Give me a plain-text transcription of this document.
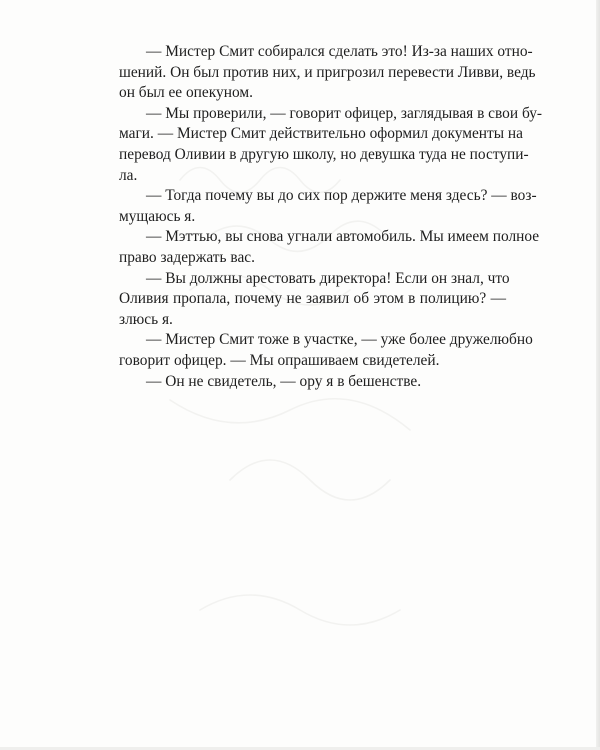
— Мистер Смит собирался сделать это! Из-за наших отно-
шений. Он был против них, и пригрозил перевести Ливви, ведь
он был ее опекуном.
— Мы проверили, — говорит офицер, заглядывая в свои бу-
маги. — Мистер Смит действительно оформил документы на
перевод Оливии в другую школу, но девушка туда не поступи-
ла.
— Тогда почему вы до сих пор держите меня здесь? — воз-
мущаюсь я.
— Мэттью, вы снова угнали автомобиль. Мы имеем полное
право задержать вас.
— Вы должны арестовать директора! Если он знал, что
Оливия пропала, почему не заявил об этом в полицию? —
злюсь я.
— Мистер Смит тоже в участке, — уже более дружелюбно
говорит офицер. — Мы опрашиваем свидетелей.
— Он не свидетель, — ору я в бешенстве.
